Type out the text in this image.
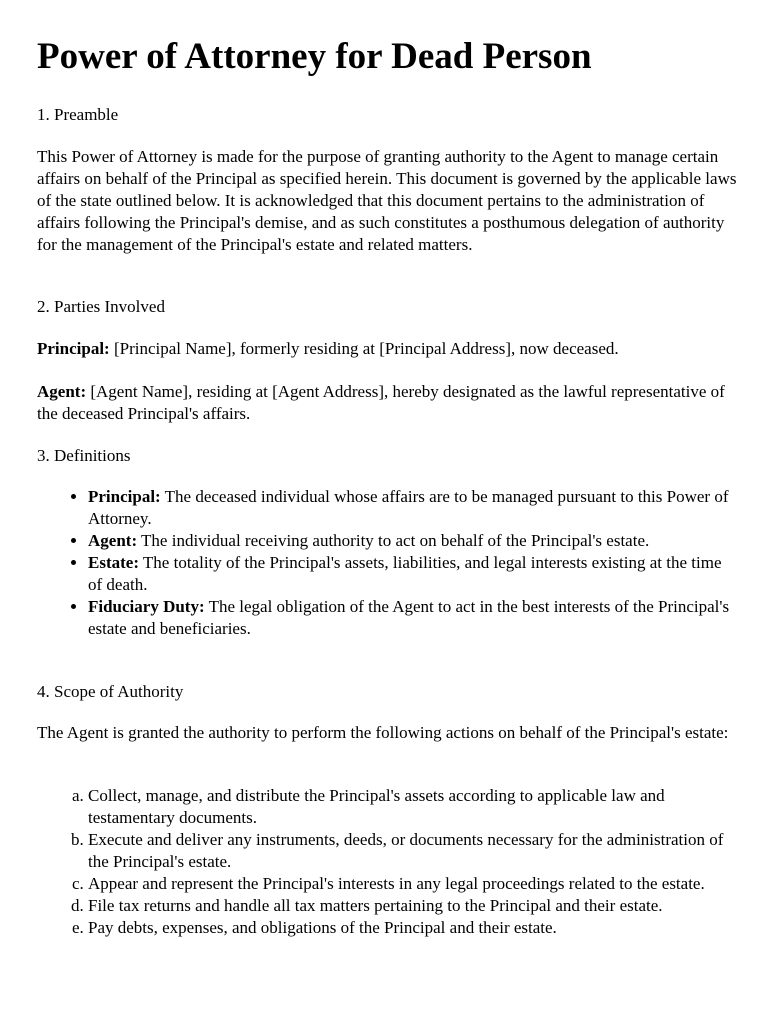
Power of Attorney for Dead Person
1. Preamble

This Power of Attorney is made for the purpose of granting authority to the Agent to manage certain affairs on behalf of the Principal as specified herein. This document is governed by the applicable laws of the state outlined below. It is acknowledged that this document pertains to the administration of affairs following the Principal's demise, and as such constitutes a posthumous delegation of authority for the management of the Principal's estate and related matters.

2. Parties Involved
Principal: [Principal Name], formerly residing at [Principal Address], now deceased.
Agent: [Agent Name], residing at [Agent Address], hereby designated as the lawful representative of the deceased Principal's affairs.
3. Definitions
• Principal: The deceased individual whose affairs are to be managed pursuant to this Power of Attorney.
• Agent: The individual receiving authority to act on behalf of the Principal's estate.
• Estate: The totality of the Principal's assets, liabilities, and legal interests existing at the time of death.
• Fiduciary Duty: The legal obligation of the Agent to act in the best interests of the Principal's estate and beneficiaries.
4. Scope of Authority

The Agent is granted the authority to perform the following actions on behalf of the Principal's estate:

a. Collect, manage, and distribute the Principal's assets according to applicable law and testamentary documents.
b. Execute and deliver any instruments, deeds, or documents necessary for the administration of the Principal's estate.
c. Appear and represent the Principal's interests in any legal proceedings related to the estate.
d. File tax returns and handle all tax matters pertaining to the Principal and their estate.
e. Pay debts, expenses, and obligations of the Principal and their estate.
